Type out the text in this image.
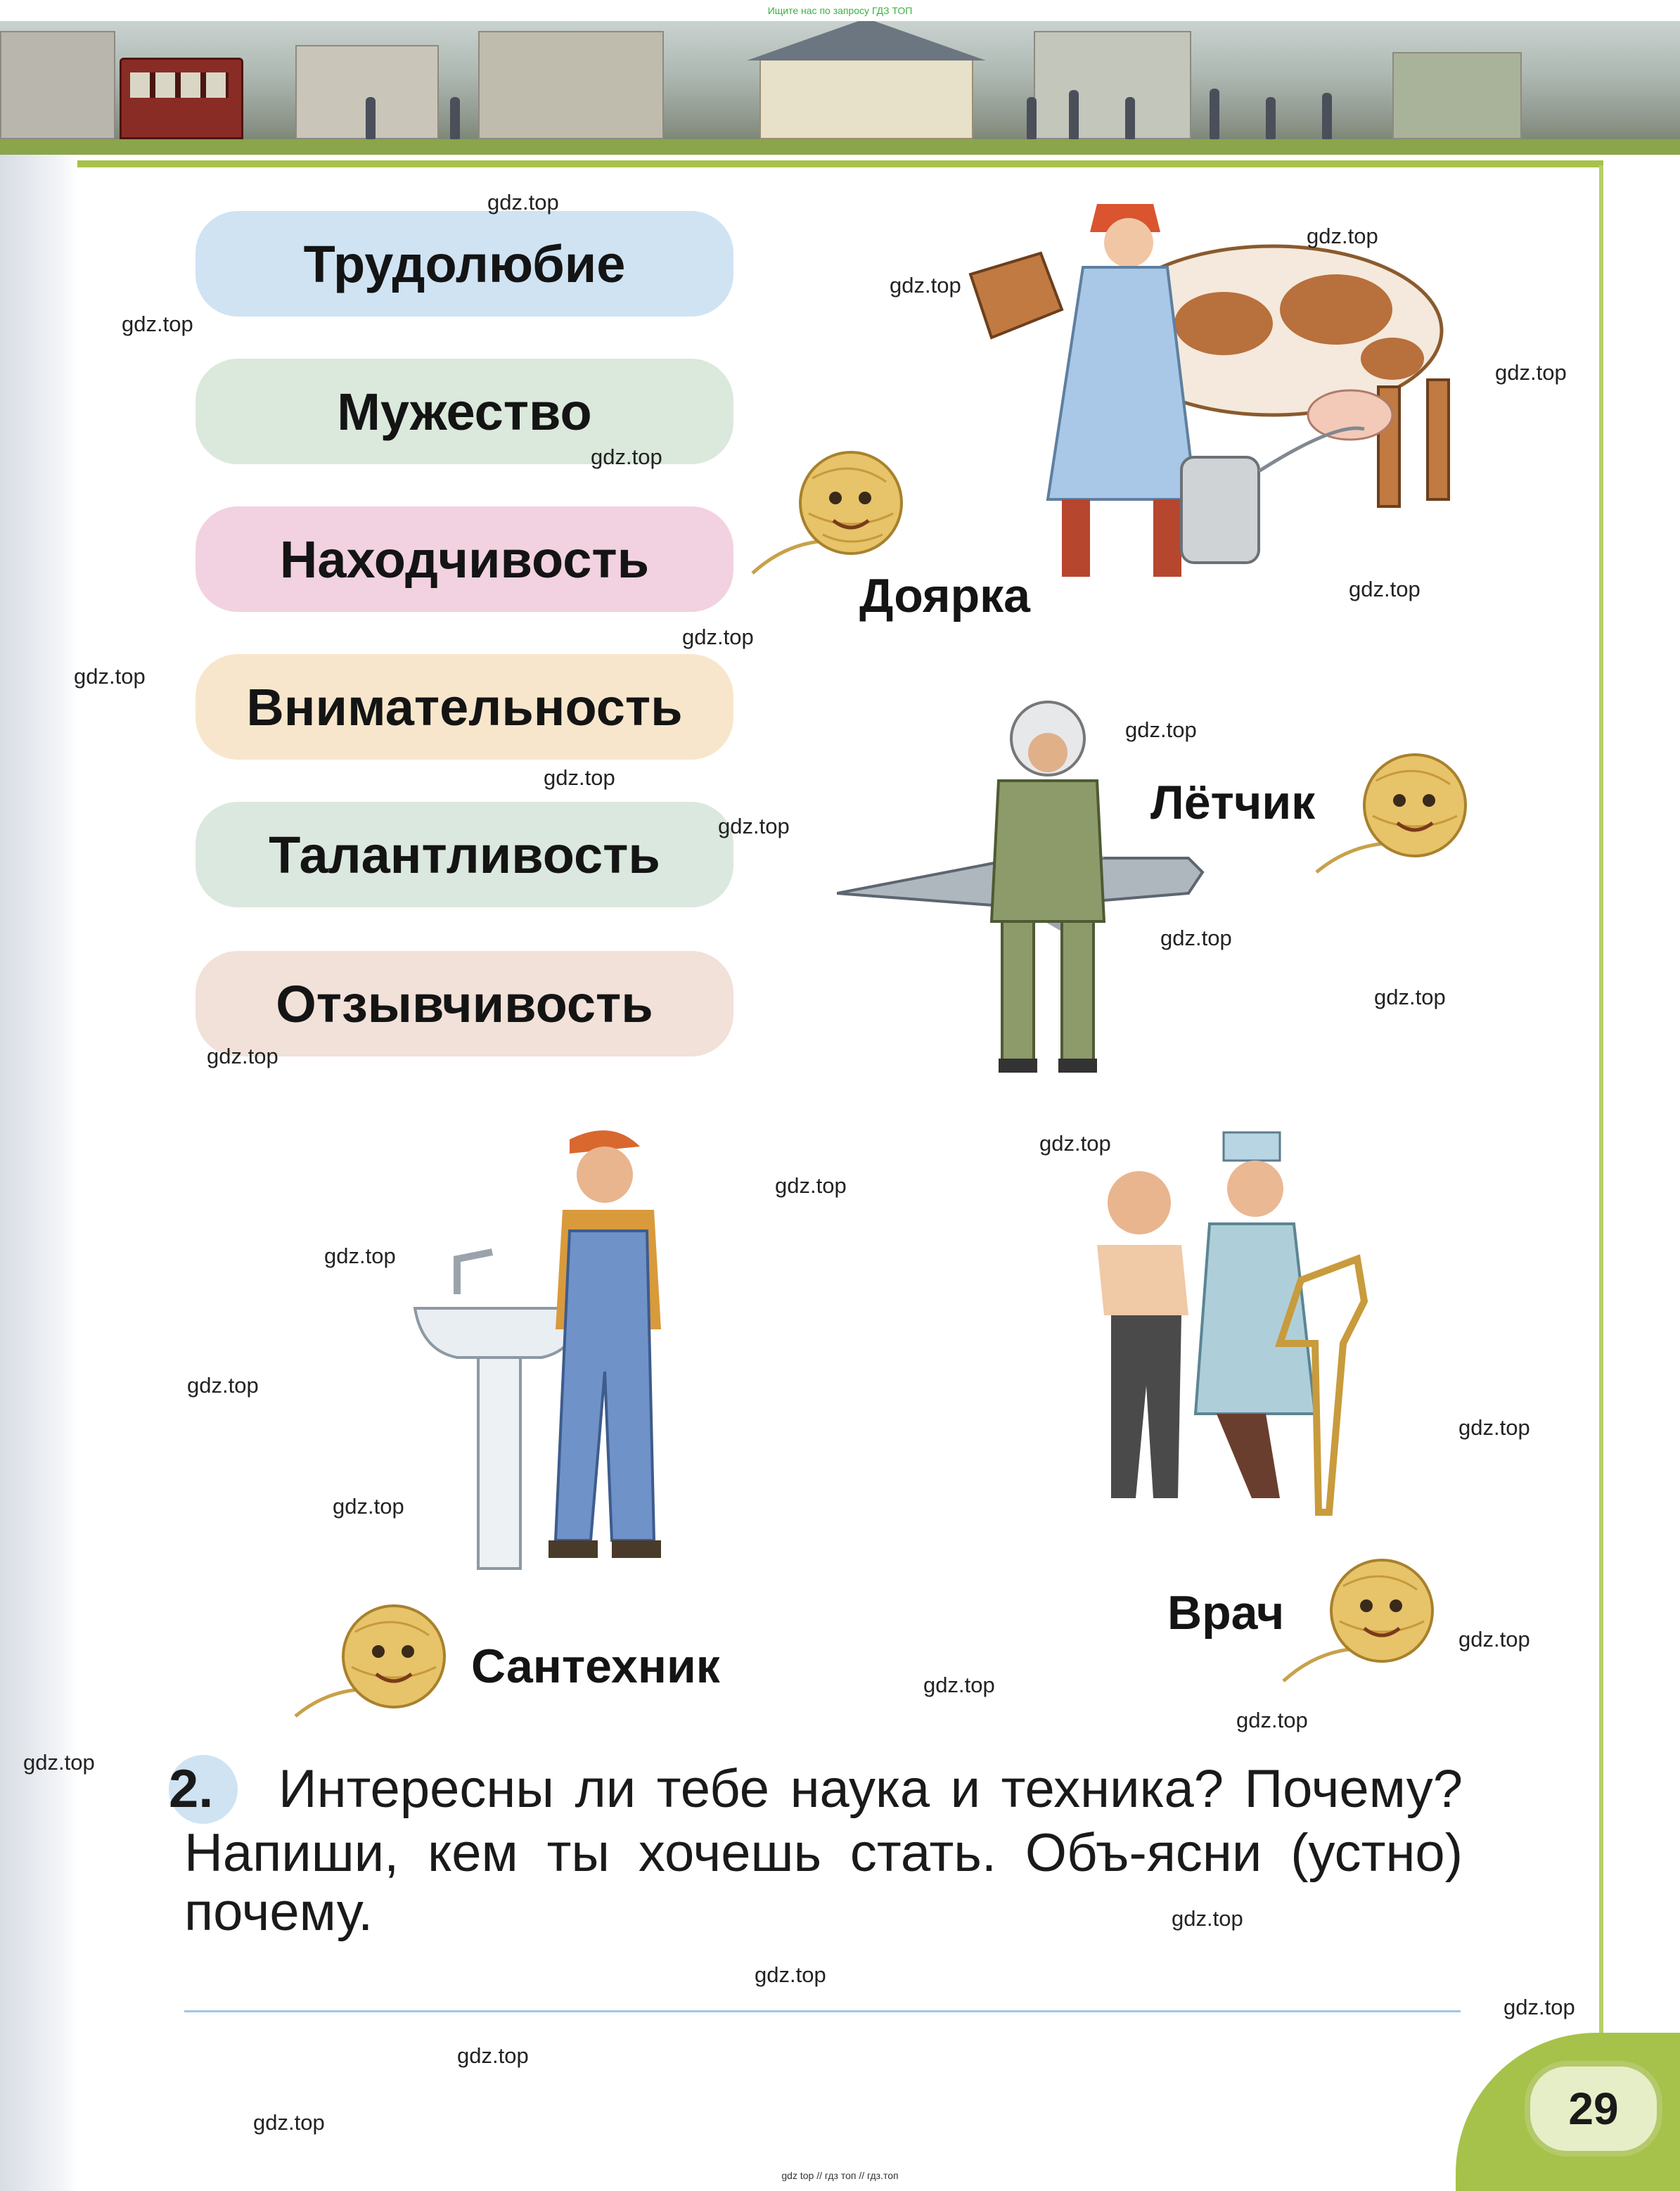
Ищите нас по запросу ГДЗ ТОП
Трудолюбие
Мужество
Находчивость
Внимательность
Талантливость
Отзывчивость
Доярка
Лётчик
Сантехник
Врач
gdz.top
gdz.top
gdz.top
gdz.top
gdz.top
gdz.top
gdz.top
gdz.top
gdz.top
gdz.top
gdz.top
gdz.top
gdz.top
gdz.top
gdz.top
gdz.top
gdz.top
gdz.top
gdz.top
gdz.top
gdz.top
gdz.top
gdz.top
gdz.top
gdz.top
gdz.top
gdz.top
gdz.top
gdz.top
gdz.top
2. Интересны ли тебе наука и техника? Почему? Напиши, кем ты хочешь стать. Объ-ясни (устно) почему.
29
gdz top // гдз топ // гдз.топ
